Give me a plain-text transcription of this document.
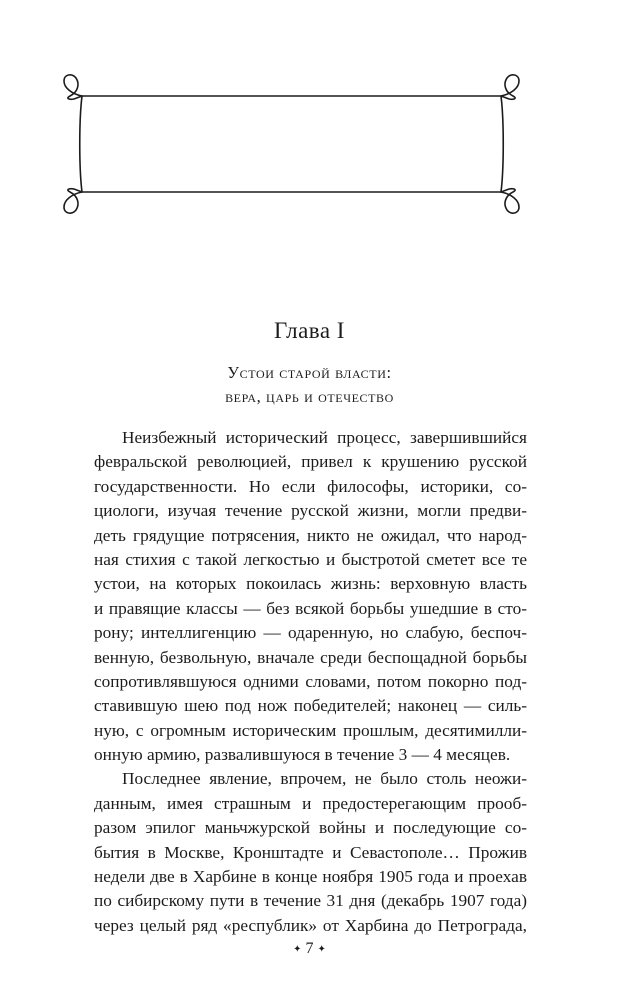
Глава I
Устои старой власти:
вера, царь и отечество
Неизбежный исторический процесс, завершившийся
февральской революцией, привел к крушению русской
государственности. Но если философы, историки, со-
циологи, изучая течение русской жизни, могли предви-
деть грядущие потрясения, никто не ожидал, что народ-
ная стихия с такой легкостью и быстротой сметет все те
устои, на которых покоилась жизнь: верховную власть
и правящие классы — без всякой борьбы ушедшие в сто-
рону; интеллигенцию — одаренную, но слабую, беспоч-
венную, безвольную, вначале среди беспощадной борьбы
сопротивлявшуюся одними словами, потом покорно под-
ставившую шею под нож победителей; наконец — силь-
ную, с огромным историческим прошлым, десятимилли-
онную армию, развалившуюся в течение 3 — 4 месяцев.
Последнее явление, впрочем, не было столь неожи-
данным, имея страшным и предостерегающим прооб-
разом эпилог маньчжурской войны и последующие со-
бытия в Москве, Кронштадте и Севастополе… Прожив
недели две в Харбине в конце ноября 1905 года и проехав
по сибирскому пути в течение 31 дня (декабрь 1907 года)
через целый ряд «республик» от Харбина до Петрограда,
✦ 7 ✦
